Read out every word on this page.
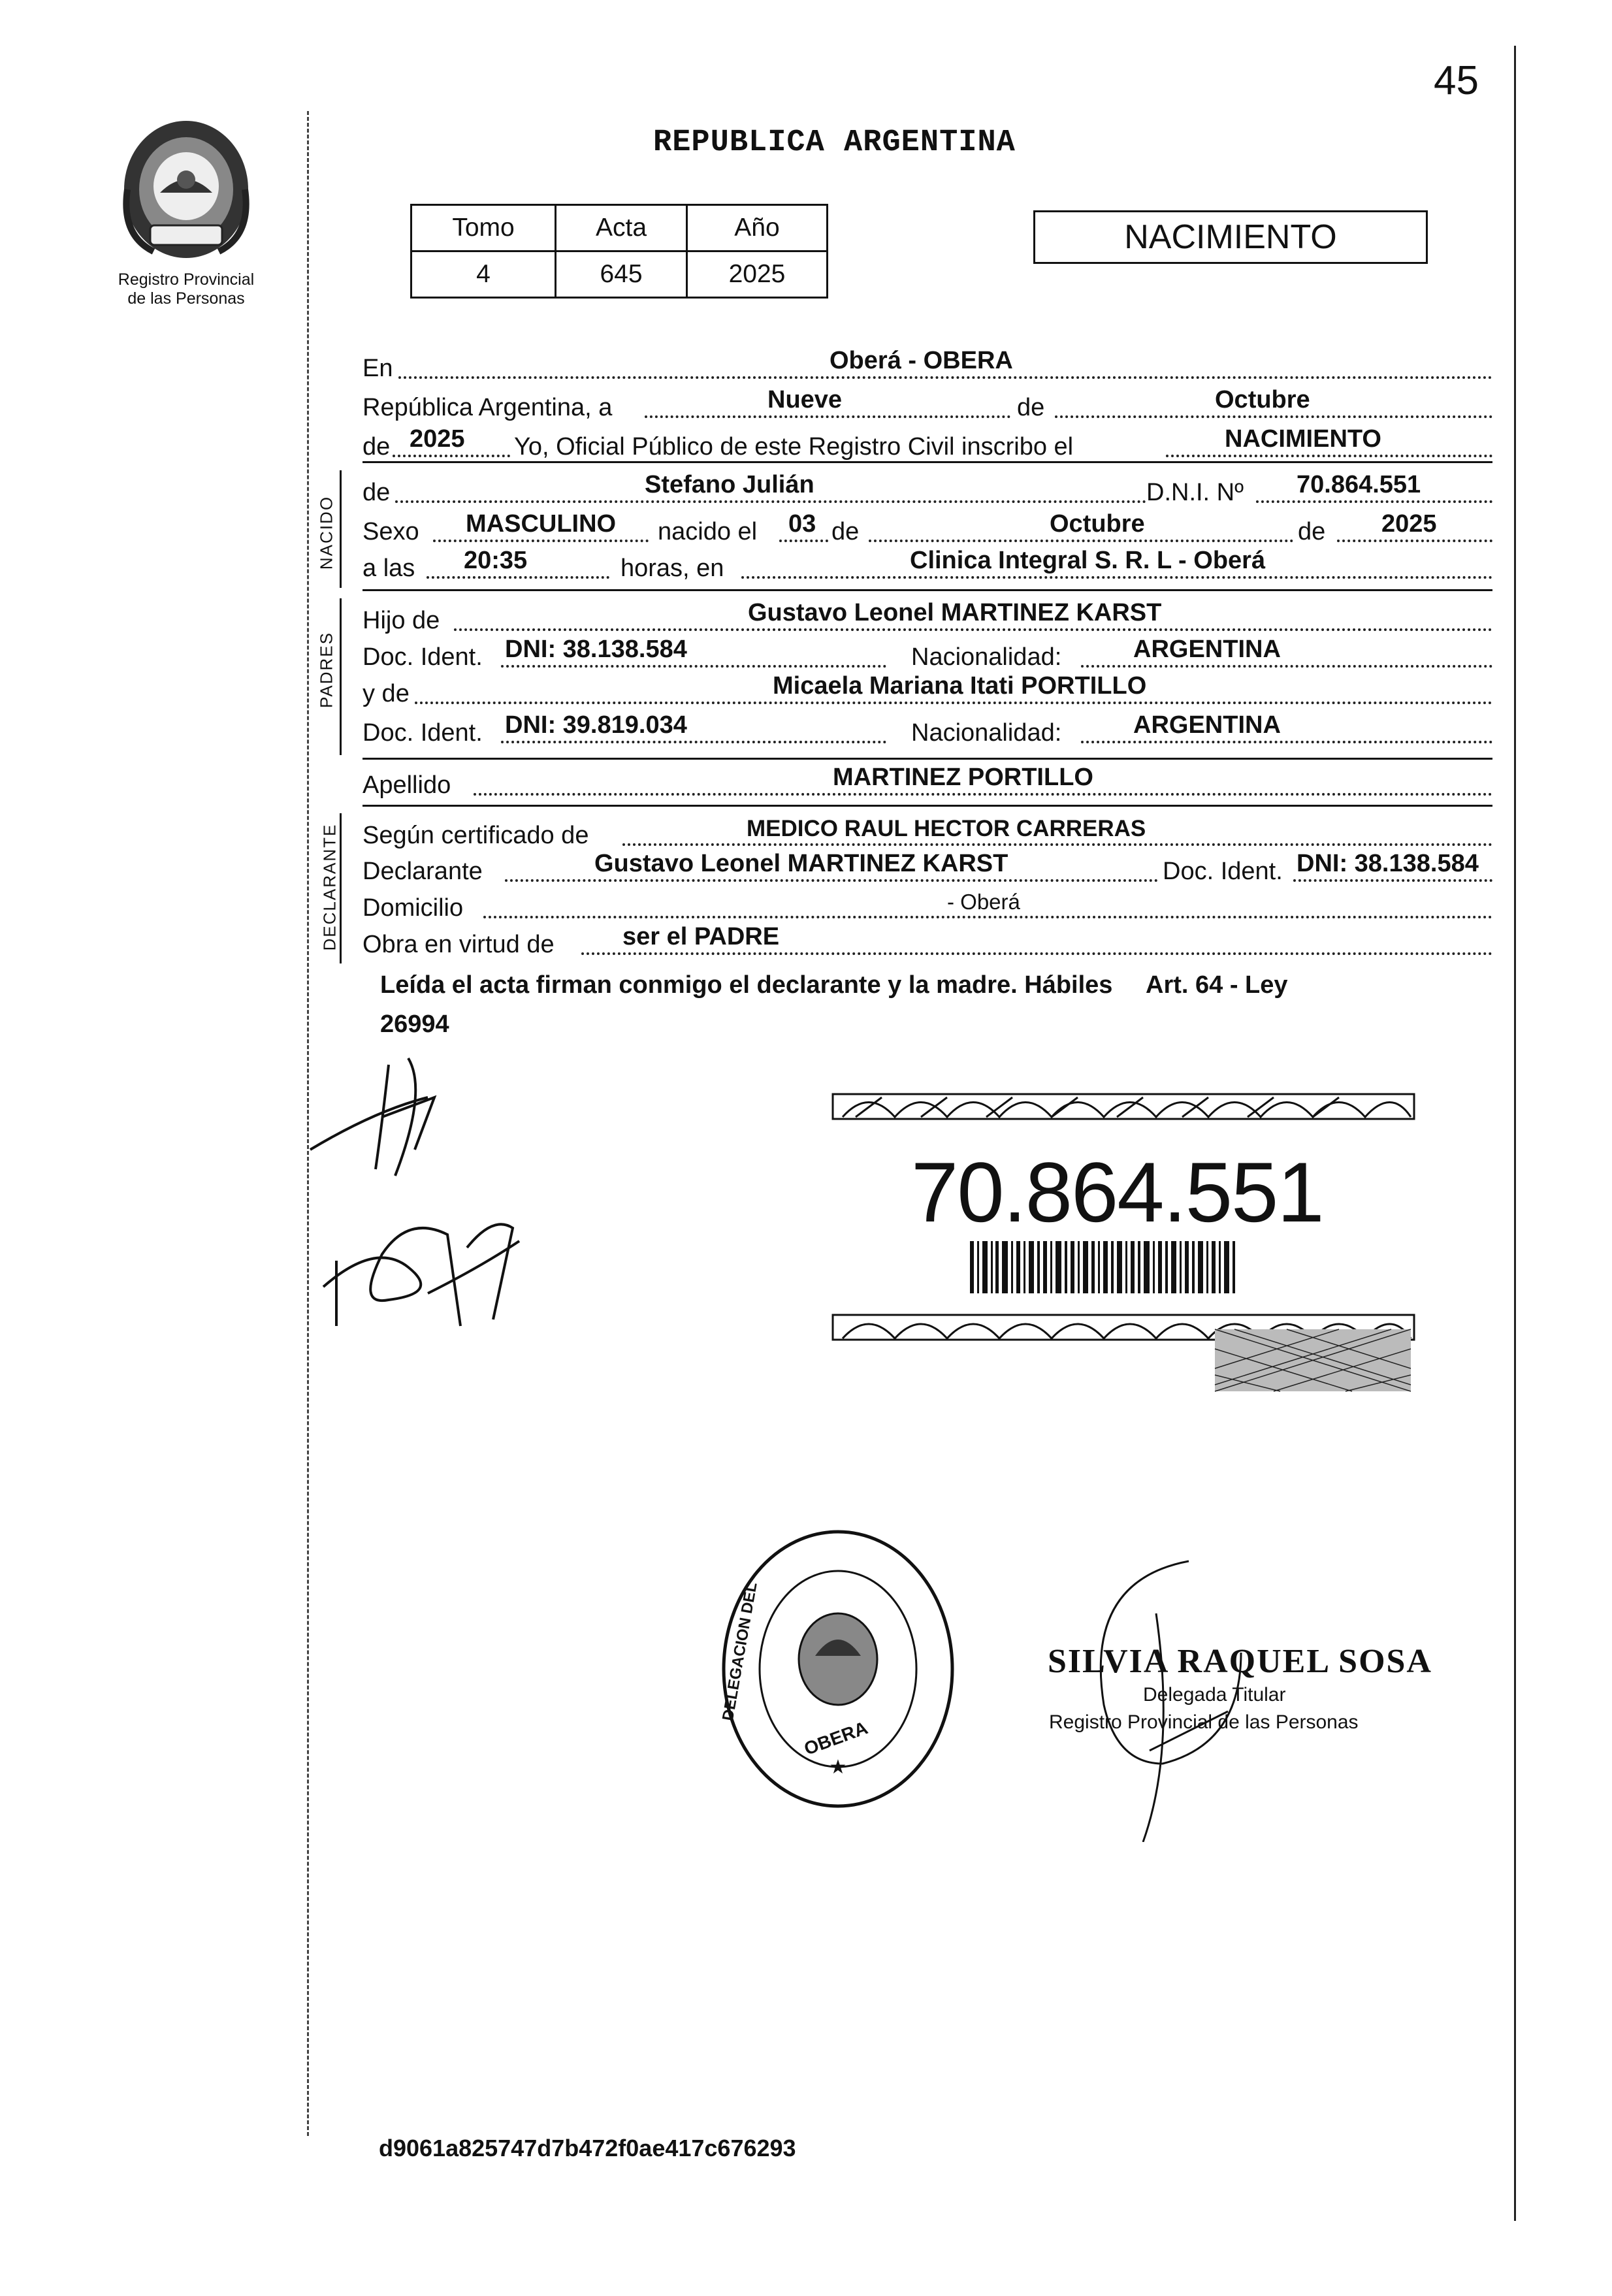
45
Registro Provincial
de las Personas
REPUBLICA ARGENTINA
Tomo	Acta	Año
4	645	2025
NACIMIENTO
En	Oberá - OBERA
República Argentina, a	Nueve	de	Octubre
de 2025 Yo, Oficial Público de este Registro Civil inscribo el	NACIMIENTO
NACIDO
de	Stefano Julián	D.N.I. Nº 70.864.551
Sexo MASCULINO nacido el 03 de	Octubre	de 2025
a las 20:35	horas, en	Clinica Integral S. R. L - Oberá
PADRES
Hijo de	Gustavo Leonel MARTINEZ KARST
Doc. Ident. DNI: 38.138.584	Nacionalidad:	ARGENTINA
y de	Micaela Mariana Itati PORTILLO
Doc. Ident. DNI: 39.819.034	Nacionalidad:	ARGENTINA
Apellido	MARTINEZ PORTILLO
DECLARANTE Según certificado de	MEDICO RAUL HECTOR CARRERAS
Declarante	Gustavo Leonel MARTINEZ KARST	Doc. Ident. DNI: 38.138.584
Domicilio	- Oberá
Obra en virtud de	ser el PADRE
Leída el acta firman conmigo el declarante y la madre. Hábiles Art. 64 - Ley
26994
70.864.551
DELEGACION DEL
OBERA
★
SILVIA RAQUEL SOSA
Delegada Titular
Registro Provincial de las Personas
d9061a825747d7b472f0ae417c676293
